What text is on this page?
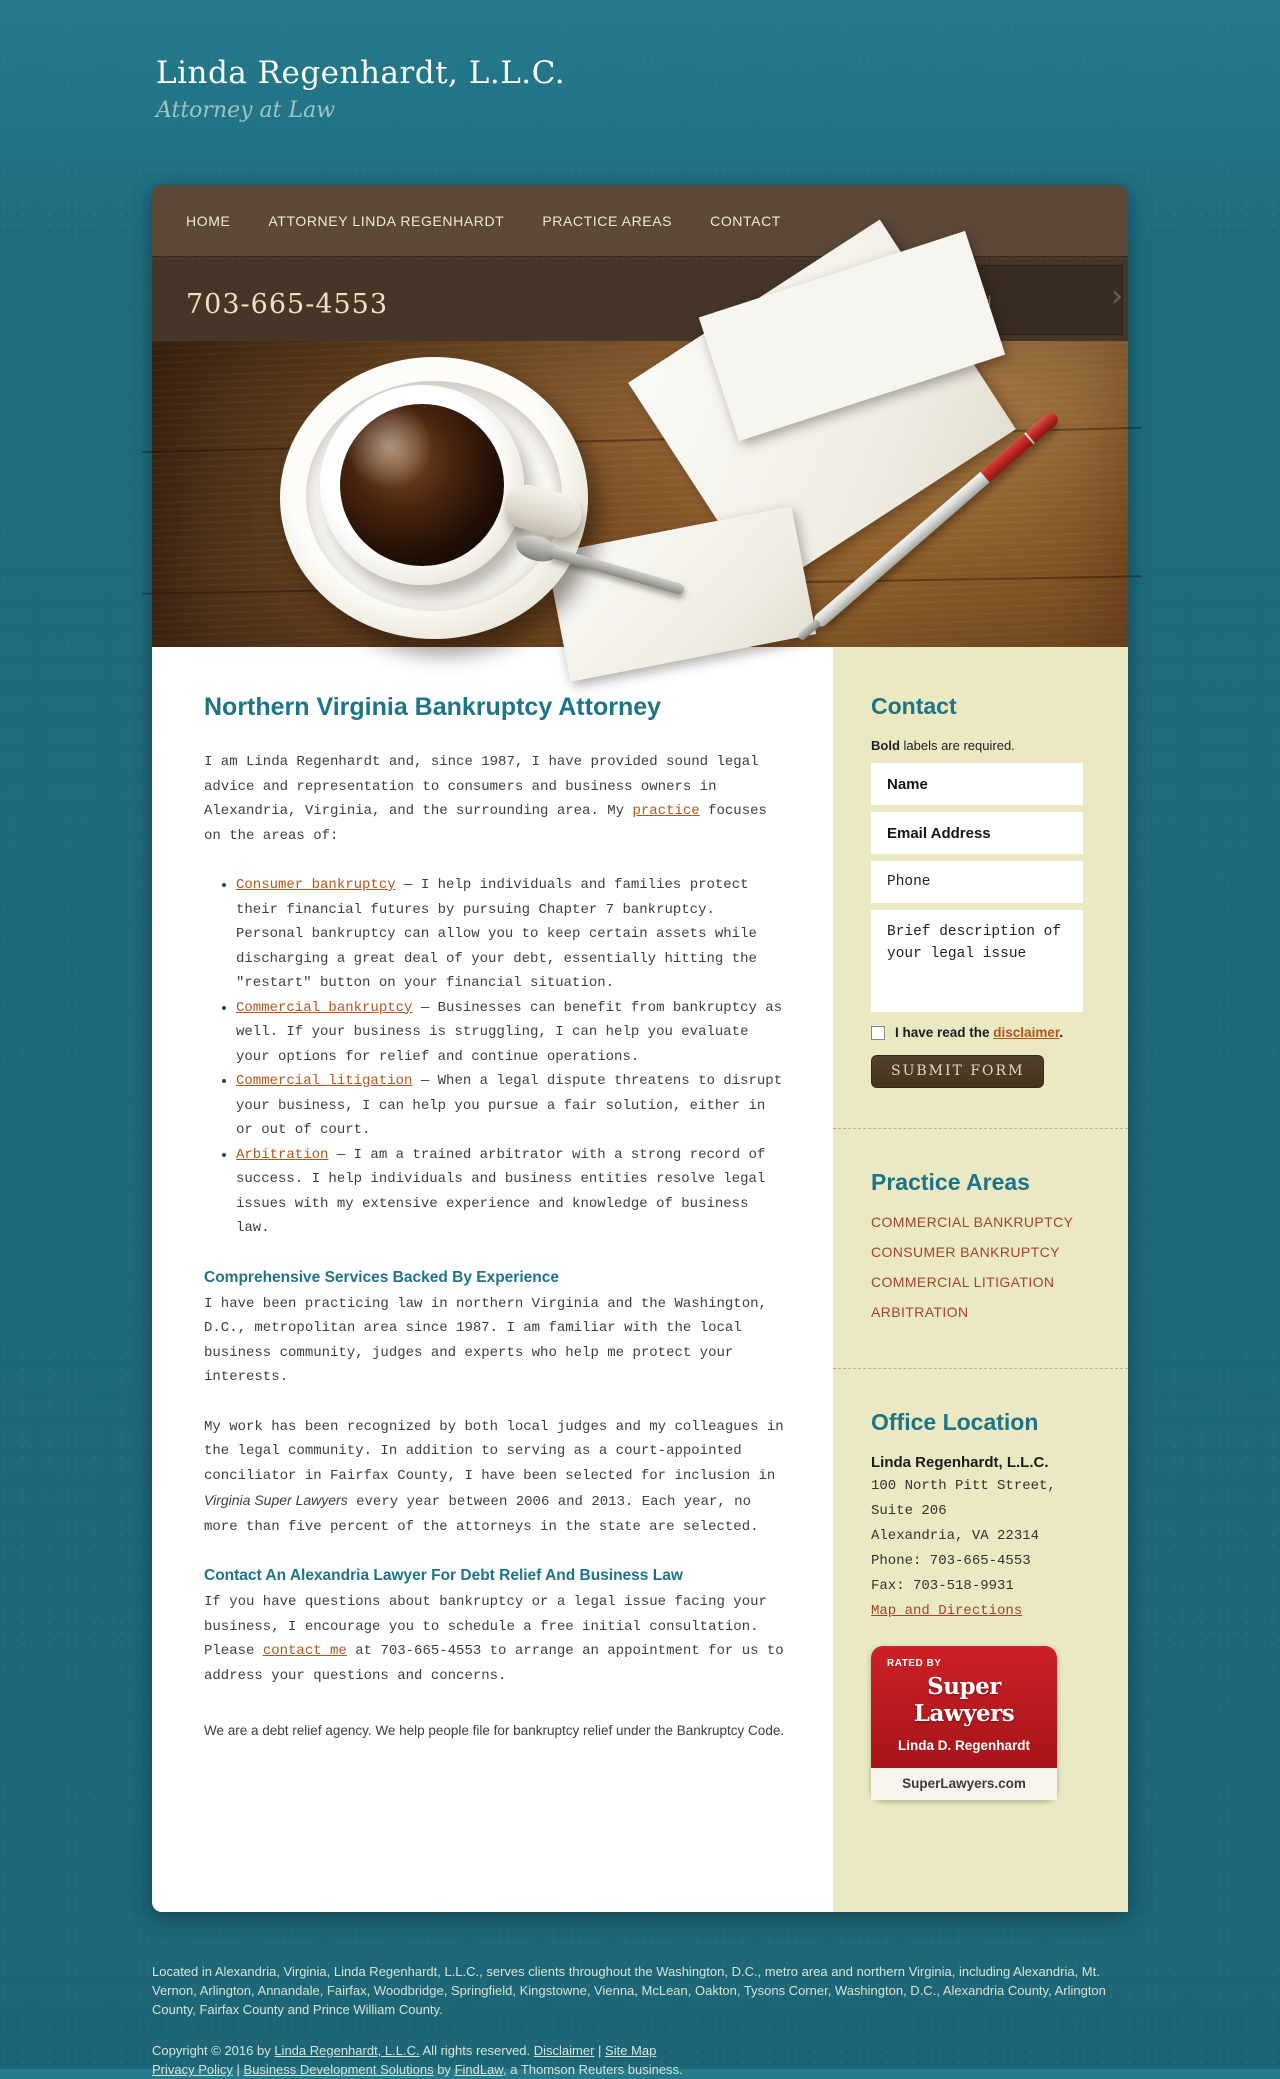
Linda Regenhardt, L.L.C.
Attorney at Law
HOME	ATTORNEY LINDA REGENHARDT	PRACTICE AREAS	CONTACT
703-665-4553
SEARCH	›
Northern Virginia Bankruptcy Attorney

I am Linda Regenhardt and, since 1987, I have provided sound legal advice and representation to consumers and business owners in Alexandria, Virginia, and the surrounding area. My practice focuses on the areas of:

• Consumer bankruptcy — I help individuals and families protect their financial futures by pursuing Chapter 7 bankruptcy. Personal bankruptcy can allow you to keep certain assets while discharging a great deal of your debt, essentially hitting the "restart" button on your financial situation.
• Commercial bankruptcy — Businesses can benefit from bankruptcy as well. If your business is struggling, I can help you evaluate your options for relief and continue operations.
• Commercial litigation — When a legal dispute threatens to disrupt your business, I can help you pursue a fair solution, either in or out of court.
• Arbitration — I am a trained arbitrator with a strong record of success. I help individuals and business entities resolve legal issues with my extensive experience and knowledge of business law.
Comprehensive Services Backed By Experience

I have been practicing law in northern Virginia and the Washington, D.C., metropolitan area since 1987. I am familiar with the local business community, judges and experts who help me protect your interests.

My work has been recognized by both local judges and my colleagues in the legal community. In addition to serving as a court-appointed conciliator in Fairfax County, I have been selected for inclusion in Virginia Super Lawyers every year between 2006 and 2013. Each year, no more than five percent of the attorneys in the state are selected.

Contact An Alexandria Lawyer For Debt Relief And Business Law

If you have questions about bankruptcy or a legal issue facing your business, I encourage you to schedule a free initial consultation. Please contact me at 703-665-4553 to arrange an appointment for us to address your questions and concerns.

We are a debt relief agency. We help people file for bankruptcy relief under the Bankruptcy Code.

Contact
Bold labels are required.
Name
Email Address
Phone
Brief description of your legal issue
I have read the disclaimer.
SUBMIT FORM
Practice Areas
COMMERCIAL BANKRUPTCY
CONSUMER BANKRUPTCY
COMMERCIAL LITIGATION
ARBITRATION
Office Location
Linda Regenhardt, L.L.C.
100 North Pitt Street,
Suite 206
Alexandria, VA 22314
Phone: 703-665-4553
Fax: 703-518-9931
Map and Directions
RATED BY
Super Lawyers
Linda D. Regenhardt
SuperLawyers.com
Located in Alexandria, Virginia, Linda Regenhardt, L.L.C., serves clients throughout the Washington, D.C., metro area and northern Virginia, including Alexandria, Mt. Vernon, Arlington, Annandale, Fairfax, Woodbridge, Springfield, Kingstowne, Vienna, McLean, Oakton, Tysons Corner, Washington, D.C., Alexandria County, Arlington County, Fairfax County and Prince William County.
Copyright © 2016 by Linda Regenhardt, L.L.C. All rights reserved. Disclaimer | Site Map
Privacy Policy | Business Development Solutions by FindLaw, a Thomson Reuters business.
